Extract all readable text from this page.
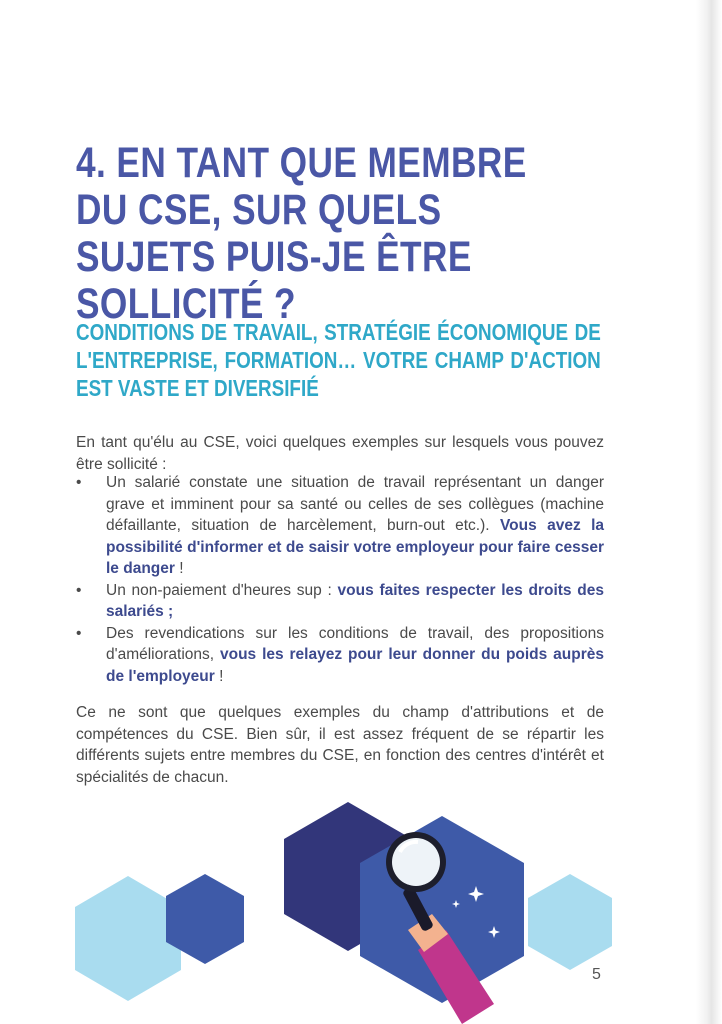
4. EN TANT QUE MEMBRE DU CSE, SUR QUELS SUJETS PUIS-JE ÊTRE SOLLICITÉ ?
CONDITIONS DE TRAVAIL, STRATÉGIE ÉCONOMIQUE DE L'ENTREPRISE, FORMATION… VOTRE CHAMP D'ACTION EST VASTE ET DIVERSIFIÉ

En tant qu'élu au CSE, voici quelques exemples sur lesquels vous pouvez être sollicité :

• Un salarié constate une situation de travail représentant un danger grave et imminent pour sa santé ou celles de ses collègues (machine défaillante, situation de harcèlement, burn-out etc.). Vous avez la possibilité d'informer et de saisir votre employeur pour faire cesser le danger !
• Un non-paiement d'heures sup : vous faites respecter les droits des salariés ;
• Des revendications sur les conditions de travail, des propositions d'améliorations, vous les relayez pour leur donner du poids auprès de l'employeur !

Ce ne sont que quelques exemples du champ d'attributions et de compétences du CSE. Bien sûr, il est assez fréquent de se répartir les différents sujets entre membres du CSE, en fonction des centres d'intérêt et spécialités de chacun.

5
